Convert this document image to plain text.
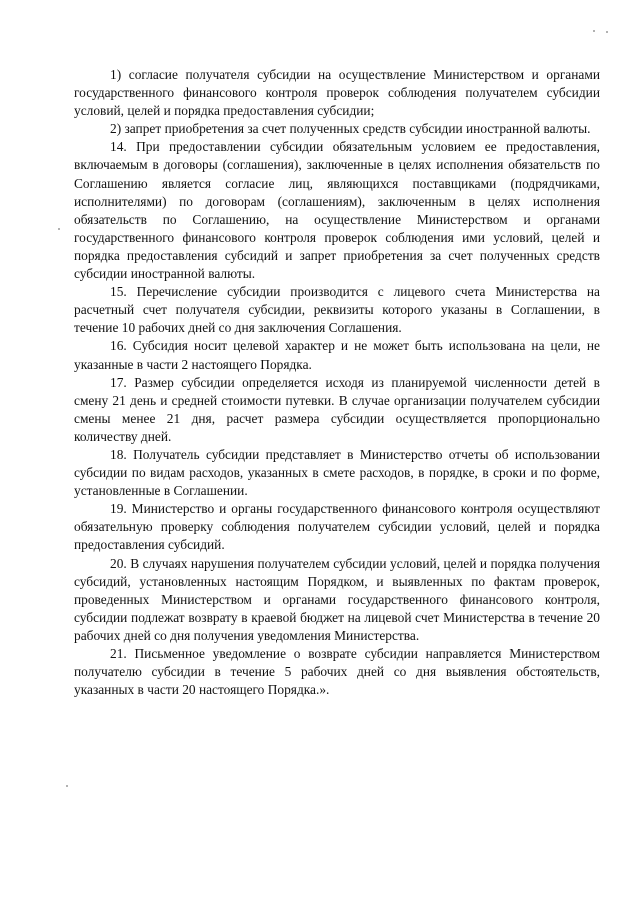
1) согласие получателя субсидии на осуществление Министерством и органами государственного финансового контроля проверок соблюдения получателем субсидии условий, целей и порядка предоставления субсидии;

2) запрет приобретения за счет полученных средств субсидии иностранной валюты.

14. При предоставлении субсидии обязательным условием ее предоставления, включаемым в договоры (соглашения), заключенные в целях исполнения обязательств по Соглашению является согласие лиц, являющихся поставщиками (подрядчиками, исполнителями) по договорам (соглашениям), заключенным в целях исполнения обязательств по Соглашению, на осуществление Министерством и органами государственного финансового контроля проверок соблюдения ими условий, целей и порядка предоставления субсидий и запрет приобретения за счет полученных средств субсидии иностранной валюты.

15. Перечисление субсидии производится с лицевого счета Министерства на расчетный счет получателя субсидии, реквизиты которого указаны в Соглашении, в течение 10 рабочих дней со дня заключения Соглашения.

16. Субсидия носит целевой характер и не может быть использована на цели, не указанные в части 2 настоящего Порядка.

17. Размер субсидии определяется исходя из планируемой численности детей в смену 21 день и средней стоимости путевки. В случае организации получателем субсидии смены менее 21 дня, расчет размера субсидии осуществляется пропорционально количеству дней.

18. Получатель субсидии представляет в Министерство отчеты об использовании субсидии по видам расходов, указанных в смете расходов, в порядке, в сроки и по форме, установленные в Соглашении.

19. Министерство и органы государственного финансового контроля осуществляют обязательную проверку соблюдения получателем субсидии условий, целей и порядка предоставления субсидий.

20. В случаях нарушения получателем субсидии условий, целей и порядка получения субсидий, установленных настоящим Порядком, и выявленных по фактам проверок, проведенных Министерством и органами государственного финансового контроля, субсидии подлежат возврату в краевой бюджет на лицевой счет Министерства в течение 20 рабочих дней со дня получения уведомления Министерства.

21. Письменное уведомление о возврате субсидии направляется Министерством получателю субсидии в течение 5 рабочих дней со дня выявления обстоятельств, указанных в части 20 настоящего Порядка.».
